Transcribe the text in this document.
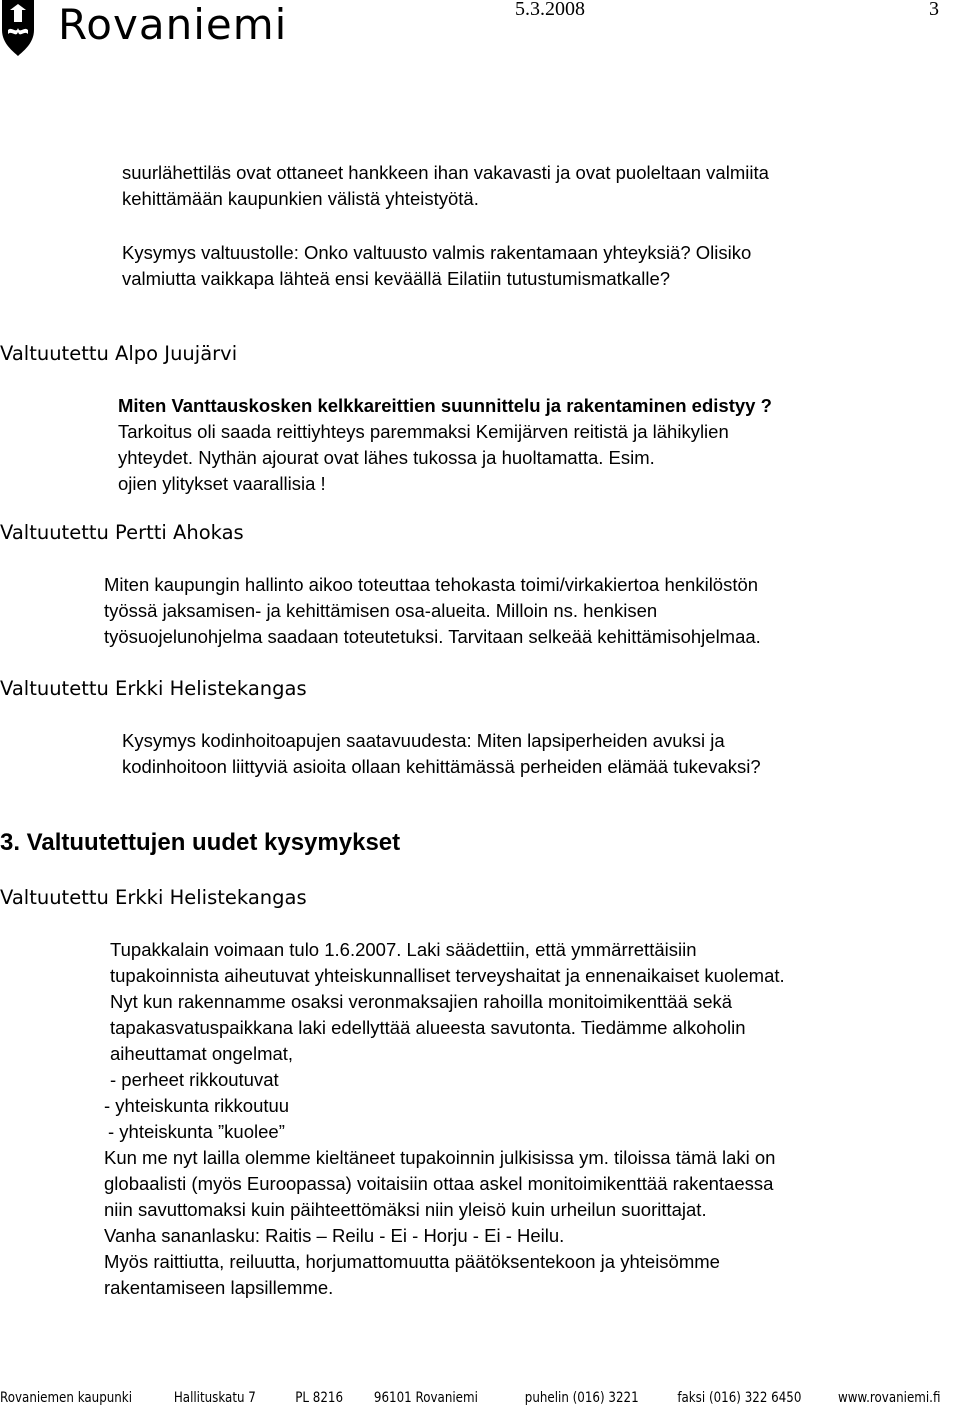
Rovaniemi	5.3.2008	3
suurlähettiläs ovat ottaneet hankkeen ihan vakavasti ja ovat puoleltaan valmiita
kehittämään kaupunkien välistä yhteistyötä.
Kysymys valtuustolle: Onko valtuusto valmis rakentamaan yhteyksiä? Olisiko
valmiutta vaikkapa lähteä ensi keväällä Eilatiin tutustumismatkalle?
Valtuutettu Alpo Juujärvi
Miten Vanttauskosken kelkkareittien suunnittelu ja rakentaminen edistyy ?
Tarkoitus oli saada reittiyhteys paremmaksi Kemijärven reitistä ja lähikylien
yhteydet. Nythän ajourat ovat lähes tukossa ja huoltamatta. Esim.
ojien ylitykset vaarallisia !
Valtuutettu Pertti Ahokas
Miten kaupungin hallinto aikoo toteuttaa tehokasta toimi/virkakiertoa henkilöstön
työssä jaksamisen- ja kehittämisen osa-alueita. Milloin ns. henkisen
työsuojelunohjelma saadaan toteutetuksi. Tarvitaan selkeää kehittämisohjelmaa.
Valtuutettu Erkki Helistekangas
Kysymys kodinhoitoapujen saatavuudesta: Miten lapsiperheiden avuksi ja
kodinhoitoon liittyviä asioita ollaan kehittämässä perheiden elämää tukevaksi?
3. Valtuutettujen uudet kysymykset
Valtuutettu Erkki Helistekangas
Tupakkalain voimaan tulo 1.6.2007. Laki säädettiin, että ymmärrettäisiin
tupakoinnista aiheutuvat yhteiskunnalliset terveyshaitat ja ennenaikaiset kuolemat.
Nyt kun rakennamme osaksi veronmaksajien rahoilla monitoimikenttää sekä
tapakasvatuspaikkana laki edellyttää alueesta savutonta. Tiedämme alkoholin
aiheuttamat ongelmat,
- perheet rikkoutuvat
- yhteiskunta rikkoutuu
- yhteiskunta ”kuolee”
Kun me nyt lailla olemme kieltäneet tupakoinnin julkisissa ym. tiloissa tämä laki on
globaalisti (myös Euroopassa) voitaisiin ottaa askel monitoimikenttää rakentaessa
niin savuttomaksi kuin päihteettömäksi niin yleisö kuin urheilun suorittajat.
Vanha sananlasku: Raitis – Reilu - Ei - Horju - Ei - Heilu.
Myös raittiutta, reiluutta, horjumattomuutta päätöksentekoon ja yhteisömme
rakentamiseen lapsillemme.
Rovaniemen kaupunki	Hallituskatu 7	PL 8216 96101 Rovaniemi	puhelin (016) 3221	faksi (016) 322 6450	www.rovaniemi.fi
